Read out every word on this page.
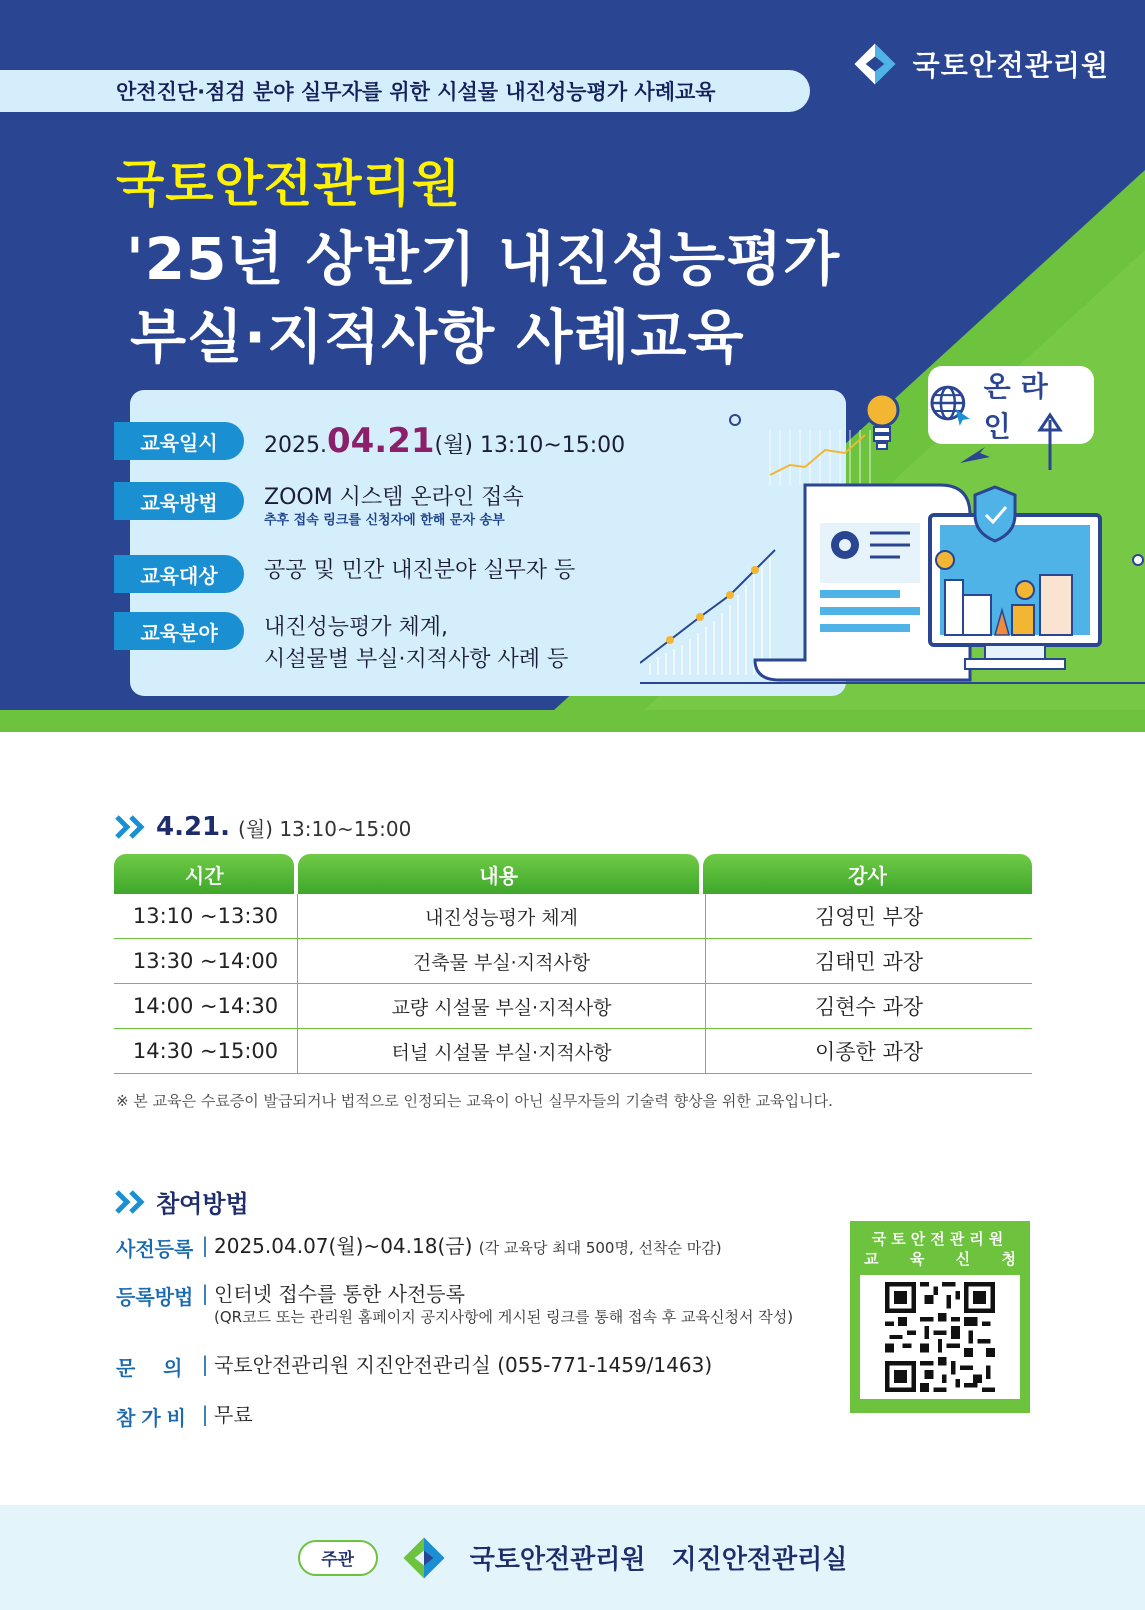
국토안전관리원
안전진단·점검 분야 실무자를 위한 시설물 내진성능평가 사례교육
국토안전관리원
'25년 상반기 내진성능평가
부실·지적사항 사례교육
교육일시	2025.04.21(월) 13:10~15:00
교육방법	ZOOM 시스템 온라인 접속
추후 접속 링크를 신청자에 한해 문자 송부
교육대상	공공 및 민간 내진분야 실무자 등
교육분야	내진성능평가 체계,
시설물별 부실·지적사항 사례 등
온라인
4.21. (월) 13:10~15:00
시간	내용	강사
13:10 ~13:30	내진성능평가 체계	김영민 부장
13:30 ~14:00	건축물 부실·지적사항	김태민 과장
14:00 ~14:30	교량 시설물 부실·지적사항	김현수 과장
14:30 ~15:00	터널 시설물 부실·지적사항	이종한 과장
※ 본 교육은 수료증이 발급되거나 법적으로 인정되는 교육이 아닌 실무자들의 기술력 향상을 위한 교육입니다.
참여방법
사전등록 | 2025.04.07(월)~04.18(금) (각 교육당 최대 500명, 선착순 마감)
등록방법 | 인터넷 접수를 통한 사전등록
(QR코드 또는 관리원 홈페이지 공지사항에 게시된 링크를 통해 접속 후 교육신청서 작성)
문    의 | 국토안전관리원 지진안전관리실 (055-771-1459/1463)
참가비 | 무료
국토안전관리원
교 육 신 청
주관	국토안전관리원 지진안전관리실
